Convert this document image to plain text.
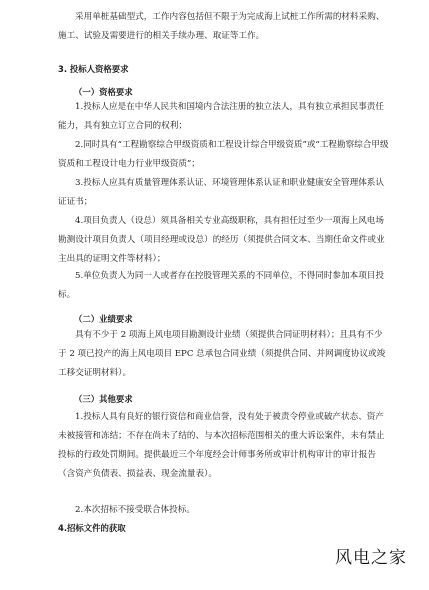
采用单桩基础型式，工作内容包括但不限于为完成海上试桩工作所需的材料采购、施工、试验及需要进行的相关手续办理、取证等工作。

3. 投标人资格要求
（一）资格要求

1.投标人应是在中华人民共和国境内合法注册的独立法人，具有独立承担民事责任能力，具有独立订立合同的权利；

2.同时具有“工程勘察综合甲级资质和工程设计综合甲级资质”或“工程勘察综合甲级资质和工程设计电力行业甲级资质”；

3.投标人应具有质量管理体系认证、环境管理体系认证和职业健康安全管理体系认证证书；

4.项目负责人（设总）须具备相关专业高级职称，具有担任过至少一项海上风电场勘测设计项目负责人（项目经理或设总）的经历（须提供合同文本、当期任命文件或业主出具的证明文件等材料）；

5.单位负责人为同一人或者存在控股管理关系的不同单位，不得同时参加本项目投标。

（二）业绩要求

具有不少于 2 项海上风电项目勘测设计业绩（须提供合同证明材料）；且具有不少于 2 项已投产的海上风电项目 EPC 总承包合同业绩（须提供合同、并网调度协议或竣工移交证明材料）。

（三）其他要求

1.投标人具有良好的银行资信和商业信誉，没有处于被责令停业或破产状态、资产未被接管和冻结；不存在尚未了结的、与本次招标范围相关的重大诉讼案件，未有禁止投标的行政处罚期间。提供最近三个年度经会计师事务所或审计机构审计的审计报告（含资产负债表、损益表、现金流量表）。

2.本次招标不接受联合体投标。

4.招标文件的获取
风电之家
